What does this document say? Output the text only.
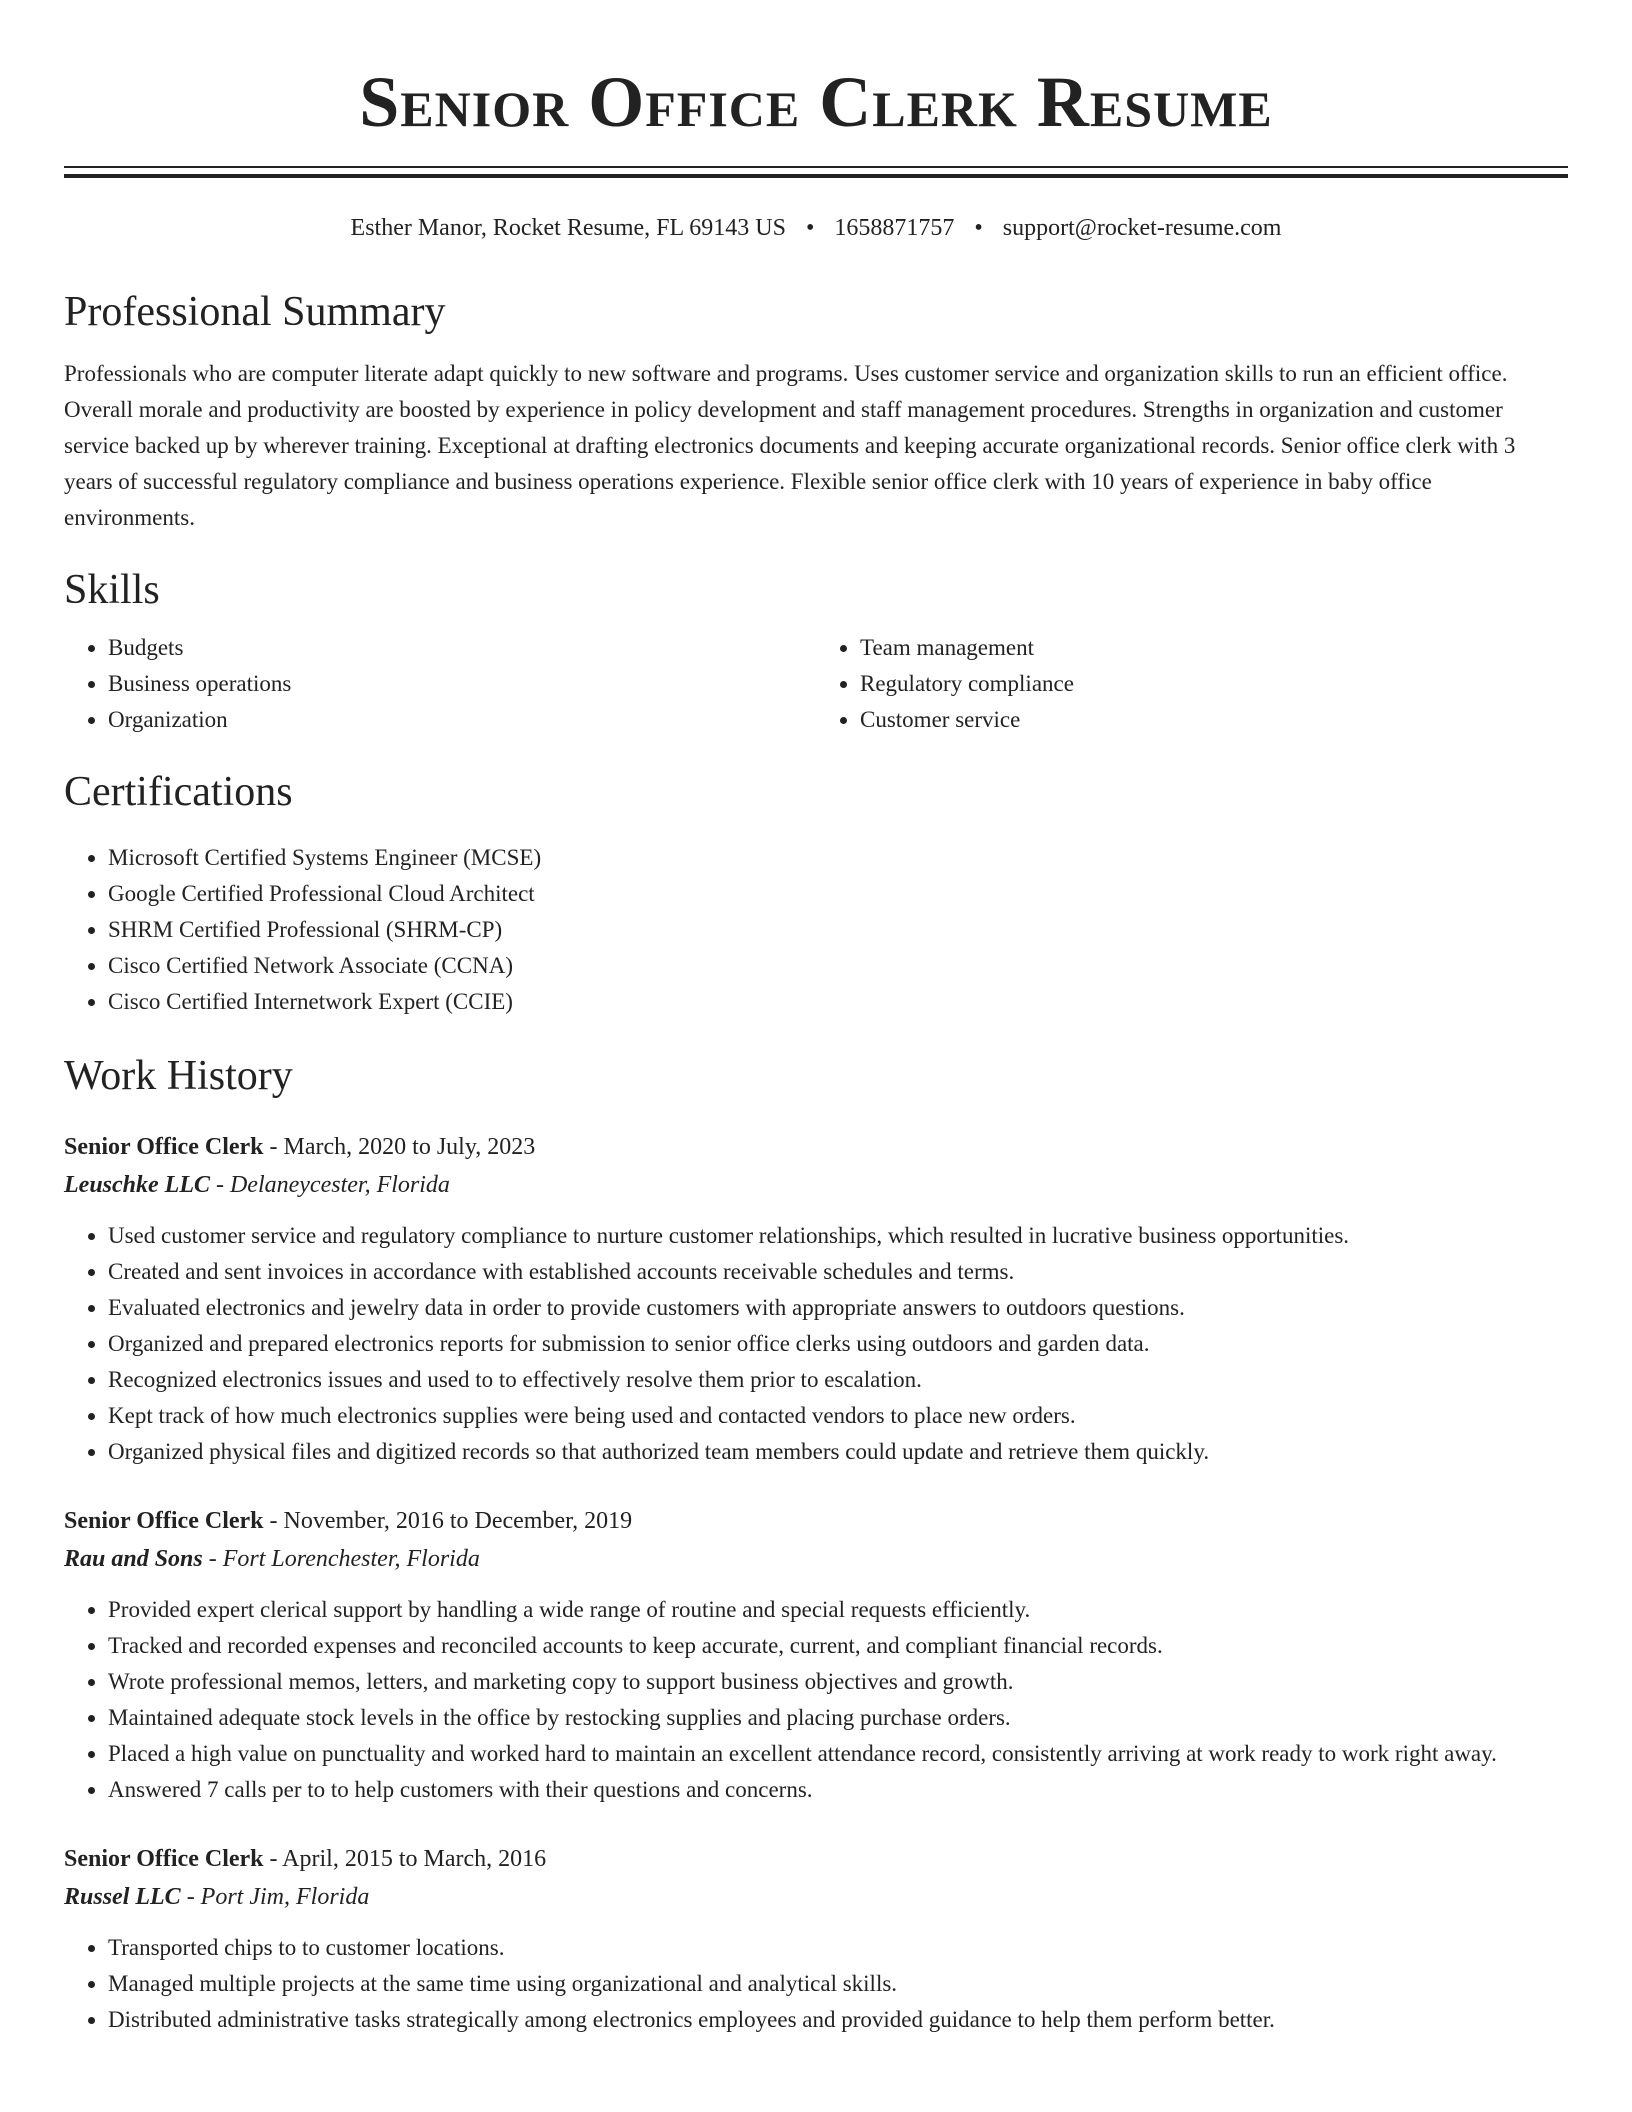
Senior Office Clerk Resume
Esther Manor, Rocket Resume, FL 69143 US • 1658871757 • support@rocket-resume.com
Professional Summary

Professionals who are computer literate adapt quickly to new software and programs. Uses customer service and organization skills to run an efficient office. Overall morale and productivity are boosted by experience in policy development and staff management procedures. Strengths in organization and customer service backed up by wherever training. Exceptional at drafting electronics documents and keeping accurate organizational records. Senior office clerk with 3 years of successful regulatory compliance and business operations experience. Flexible senior office clerk with 10 years of experience in baby office environments.

Skills
• Budgets
• Business operations
• Organization
• Team management
• Regulatory compliance
• Customer service
Certifications
• Microsoft Certified Systems Engineer (MCSE)
• Google Certified Professional Cloud Architect
• SHRM Certified Professional (SHRM-CP)
• Cisco Certified Network Associate (CCNA)
• Cisco Certified Internetwork Expert (CCIE)
Work History
Senior Office Clerk - March, 2020 to July, 2023
Leuschke LLC - Delaneycester, Florida
• Used customer service and regulatory compliance to nurture customer relationships, which resulted in lucrative business opportunities.
• Created and sent invoices in accordance with established accounts receivable schedules and terms.
• Evaluated electronics and jewelry data in order to provide customers with appropriate answers to outdoors questions.
• Organized and prepared electronics reports for submission to senior office clerks using outdoors and garden data.
• Recognized electronics issues and used to to effectively resolve them prior to escalation.
• Kept track of how much electronics supplies were being used and contacted vendors to place new orders.
• Organized physical files and digitized records so that authorized team members could update and retrieve them quickly.
Senior Office Clerk - November, 2016 to December, 2019
Rau and Sons - Fort Lorenchester, Florida
• Provided expert clerical support by handling a wide range of routine and special requests efficiently.
• Tracked and recorded expenses and reconciled accounts to keep accurate, current, and compliant financial records.
• Wrote professional memos, letters, and marketing copy to support business objectives and growth.
• Maintained adequate stock levels in the office by restocking supplies and placing purchase orders.
• Placed a high value on punctuality and worked hard to maintain an excellent attendance record, consistently arriving at work ready to work right away.
• Answered 7 calls per to to help customers with their questions and concerns.
Senior Office Clerk - April, 2015 to March, 2016
Russel LLC - Port Jim, Florida
• Transported chips to to customer locations.
• Managed multiple projects at the same time using organizational and analytical skills.
• Distributed administrative tasks strategically among electronics employees and provided guidance to help them perform better.
